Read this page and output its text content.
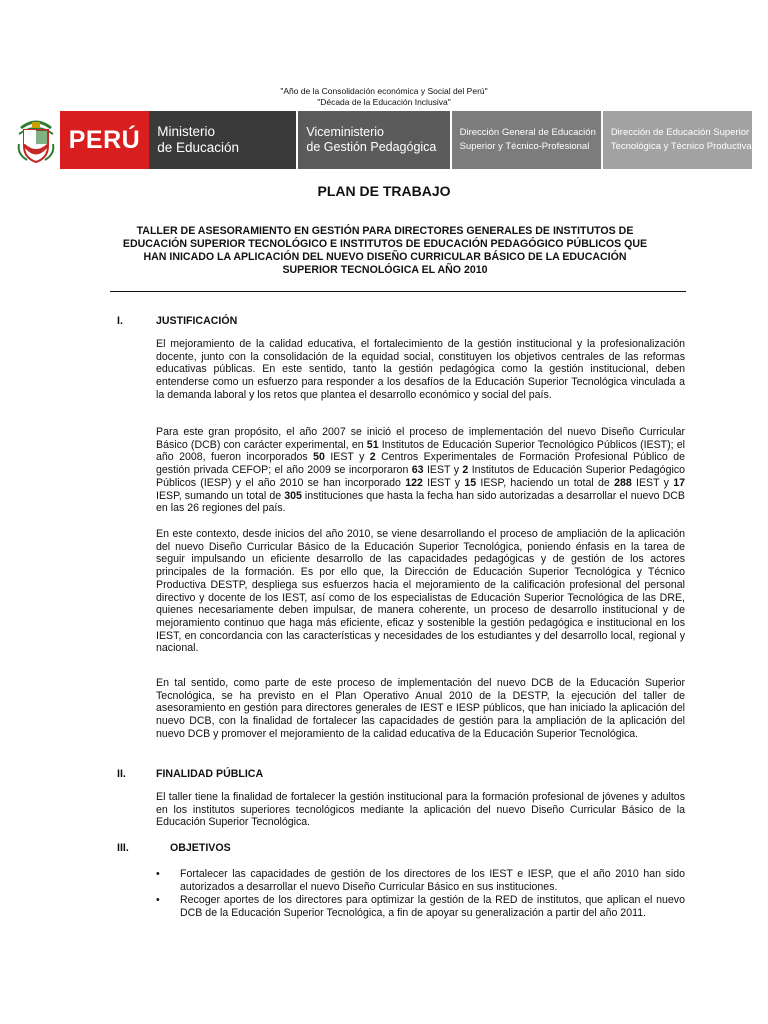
"Año de la Consolidación económica y Social del Perú"
"Década de la Educación Inclusiva"
PERÚ	Ministerio
de Educación
Viceministerio
de Gestión Pedagógica
Dirección General de Educación
Superior y Técnico-Profesional
Dirección de Educación Superior
Tecnológica y Técnico Productiva
PLAN DE TRABAJO
TALLER DE ASESORAMIENTO EN GESTIÓN PARA DIRECTORES GENERALES DE INSTITUTOS DE EDUCACIÓN SUPERIOR TECNOLÓGICO E INSTITUTOS DE EDUCACIÓN PEDAGÓGICO PÚBLICOS QUE HAN INICADO LA APLICACIÓN DEL NUEVO DISEÑO CURRICULAR BÁSICO DE LA EDUCACIÓN SUPERIOR TECNOLÓGICA EL AÑO 2010
I.	JUSTIFICACIÓN
El mejoramiento de la calidad educativa, el fortalecimiento de la gestión institucional y la profesionalización docente, junto con la consolidación de la equidad social, constituyen los objetivos centrales de las reformas educativas públicas. En este sentido, tanto la gestión pedagógica como la gestión institucional, deben entenderse como un esfuerzo para responder a los desafíos de la Educación Superior Tecnológica vinculada a la demanda laboral y los retos que plantea el desarrollo económico y social del país.
Para este gran propósito, el año 2007 se inició el proceso de implementación del nuevo Diseño Curricular Básico (DCB) con carácter experimental, en 51 Institutos de Educación Superior Tecnológico Públicos (IEST); el año 2008, fueron incorporados 50 IEST y 2 Centros Experimentales de Formación Profesional Público de gestión privada CEFOP; el año 2009 se incorporaron 63 IEST y 2 Institutos de Educación Superior Pedagógico Públicos (IESP) y el año 2010 se han incorporado 122 IEST y 15 IESP, haciendo un total de 288 IEST y 17 IESP, sumando un total de 305 instituciones que hasta la fecha han sido autorizadas a desarrollar el nuevo DCB en las 26 regiones del país.
En este contexto, desde inicios del año 2010, se viene desarrollando el proceso de ampliación de la aplicación del nuevo Diseño Curricular Básico de la Educación Superior Tecnológica, poniendo énfasis en la tarea de seguir impulsando un eficiente desarrollo de las capacidades pedagógicas y de gestión de los actores principales de la formación. Es por ello que, la Dirección de Educación Superior Tecnológica y Técnico Productiva DESTP, despliega sus esfuerzos hacia el mejoramiento de la calificación profesional del personal directivo y docente de los IEST, así como de los especialistas de Educación Superior Tecnológica de las DRE, quienes necesariamente deben impulsar, de manera coherente, un proceso de desarrollo institucional y de mejoramiento continuo que haga más eficiente, eficaz y sostenible la gestión pedagógica e institucional en los IEST, en concordancia con las características y necesidades de los estudiantes y del desarrollo local, regional y nacional.
En tal sentido, como parte de este proceso de implementación del nuevo DCB de la Educación Superior Tecnológica, se ha previsto en el Plan Operativo Anual 2010 de la DESTP, la ejecución del taller de asesoramiento en gestión para directores generales de IEST e IESP públicos, que han iniciado la aplicación del nuevo DCB, con la finalidad de fortalecer las capacidades de gestión para la ampliación de la aplicación del nuevo DCB y promover el mejoramiento de la calidad educativa de la Educación Superior Tecnológica.
II.	FINALIDAD PÚBLICA
El taller tiene la finalidad de fortalecer la gestión institucional para la formación profesional de jóvenes y adultos en los institutos superiores tecnológicos mediante la aplicación del nuevo Diseño Curricular Básico de la Educación Superior Tecnológica.
III.	OBJETIVOS
• Fortalecer las capacidades de gestión de los directores de los IEST e IESP, que el año 2010 han sido autorizados a desarrollar el nuevo Diseño Curricular Básico en sus instituciones.
• Recoger aportes de los directores para optimizar la gestión de la RED de institutos, que aplican el nuevo DCB de la Educación Superior Tecnológica, a fin de apoyar su generalización a partir del año 2011.
